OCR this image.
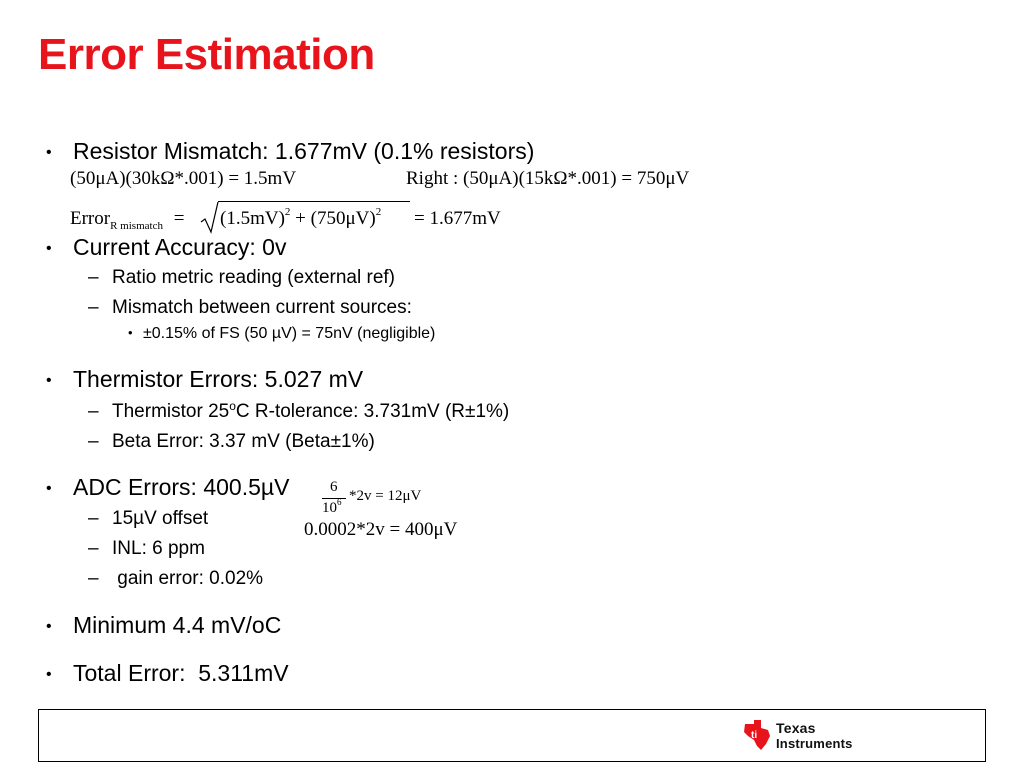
Error Estimation
• Resistor Mismatch: 1.677mV (0.1% resistors)
(50μA)(30kΩ*.001) = 1.5mV	Right : (50μA)(15kΩ*.001) = 750μV
Error$_{R mismatch}$ = $(1.5mV)^2 + (750\mu V)^2 = 1.677mV$
• Current Accuracy: 0v
– Ratio metric reading (external ref)
– Mismatch between current sources:
• ±0.15% of FS (50 µV) = 75nV (negligible)
• Thermistor Errors: 5.027 mV
– Thermistor 25$^o$C R-tolerance: 3.731mV (R±1%)
– Beta Error: 3.37 mV (Beta±1%)
• ADC Errors: 400.5µV	6
$10^6$ *2v = 12μV
0.0002*2v = 400μV
– 15µV offset
– INL: 6 ppm
– gain error: 0.02%
• Minimum 4.4 mV/oC
• Total Error:  5.311mV
ti Texas
Instruments
